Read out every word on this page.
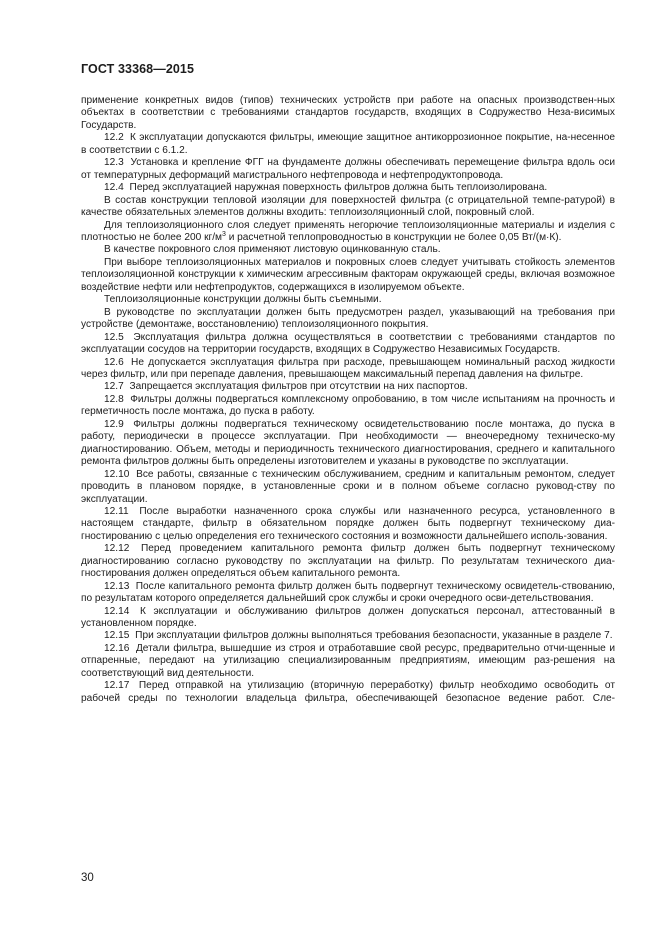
ГОСТ 33368—2015

применение конкретных видов (типов) технических устройств при работе на опасных производствен-ных объектах в соответствии с требованиями стандартов государств, входящих в Содружество Неза-висимых Государств.

12.2 К эксплуатации допускаются фильтры, имеющие защитное антикоррозионное покрытие, на-несенное в соответствии с 6.1.2.

12.3 Установка и крепление ФГГ на фундаменте должны обеспечивать перемещение фильтра вдоль оси от температурных деформаций магистрального нефтепровода и нефтепродуктопровода.

12.4 Перед эксплуатацией наружная поверхность фильтров должна быть теплоизолирована.

В состав конструкции тепловой изоляции для поверхностей фильтра (с отрицательной темпе-ратурой) в качестве обязательных элементов должны входить: теплоизоляционный слой, покровный слой.

Для теплоизоляционного слоя следует применять негорючие теплоизоляционные материалы и изделия с плотностью не более 200 $кг/м^3$ и расчетной теплопроводностью в конструкции не более 0,05 Вт/(м·К).

В качестве покровного слоя применяют листовую оцинкованную сталь.

При выборе теплоизоляционных материалов и покровных слоев следует учитывать стойкость элементов теплоизоляционной конструкции к химическим агрессивным факторам окружающей среды, включая возможное воздействие нефти или нефтепродуктов, содержащихся в изолируемом объекте.

Теплоизоляционные конструкции должны быть съемными.

В руководстве по эксплуатации должен быть предусмотрен раздел, указывающий на требования при устройстве (демонтаже, восстановлению) теплоизоляционного покрытия.

12.5 Эксплуатация фильтра должна осуществляться в соответствии с требованиями стандартов по эксплуатации сосудов на территории государств, входящих в Содружество Независимых Государств.

12.6 Не допускается эксплуатация фильтра при расходе, превышающем номинальный расход жидкости через фильтр, или при перепаде давления, превышающем максимальный перепад давления на фильтре.

12.7 Запрещается эксплуатация фильтров при отсутствии на них паспортов.

12.8 Фильтры должны подвергаться комплексному опробованию, в том числе испытаниям на прочность и герметичность после монтажа, до пуска в работу.

12.9 Фильтры должны подвергаться техническому освидетельствованию после монтажа, до пуска в работу, периодически в процессе эксплуатации. При необходимости — внеочередному техническо-му диагностированию. Объем, методы и периодичность технического диагностирования, среднего и капитального ремонта фильтров должны быть определены изготовителем и указаны в руководстве по эксплуатации.

12.10 Все работы, связанные с техническим обслуживанием, средним и капитальным ремонтом, следует проводить в плановом порядке, в установленные сроки и в полном объеме согласно руковод-ству по эксплуатации.

12.11 После выработки назначенного срока службы или назначенного ресурса, установленного в настоящем стандарте, фильтр в обязательном порядке должен быть подвергнут техническому диа-гностированию с целью определения его технического состояния и возможности дальнейшего исполь-зования.

12.12 Перед проведением капитального ремонта фильтр должен быть подвергнут техническому диагностированию согласно руководству по эксплуатации на фильтр. По результатам технического диа-гностирования должен определяться объем капитального ремонта.

12.13 После капитального ремонта фильтр должен быть подвергнут техническому освидетель-ствованию, по результатам которого определяется дальнейший срок службы и сроки очередного осви-детельствования.

12.14 К эксплуатации и обслуживанию фильтров должен допускаться персонал, аттестованный в установленном порядке.

12.15 При эксплуатации фильтров должны выполняться требования безопасности, указанные в разделе 7.

12.16 Детали фильтра, вышедшие из строя и отработавшие свой ресурс, предварительно отчи-щенные и отпаренные, передают на утилизацию специализированным предприятиям, имеющим раз-решения на соответствующий вид деятельности.

12.17 Перед отправкой на утилизацию (вторичную переработку) фильтр необходимо освободить от рабочей среды по технологии владельца фильтра, обеспечивающей безопасное ведение работ. Сле-

30
